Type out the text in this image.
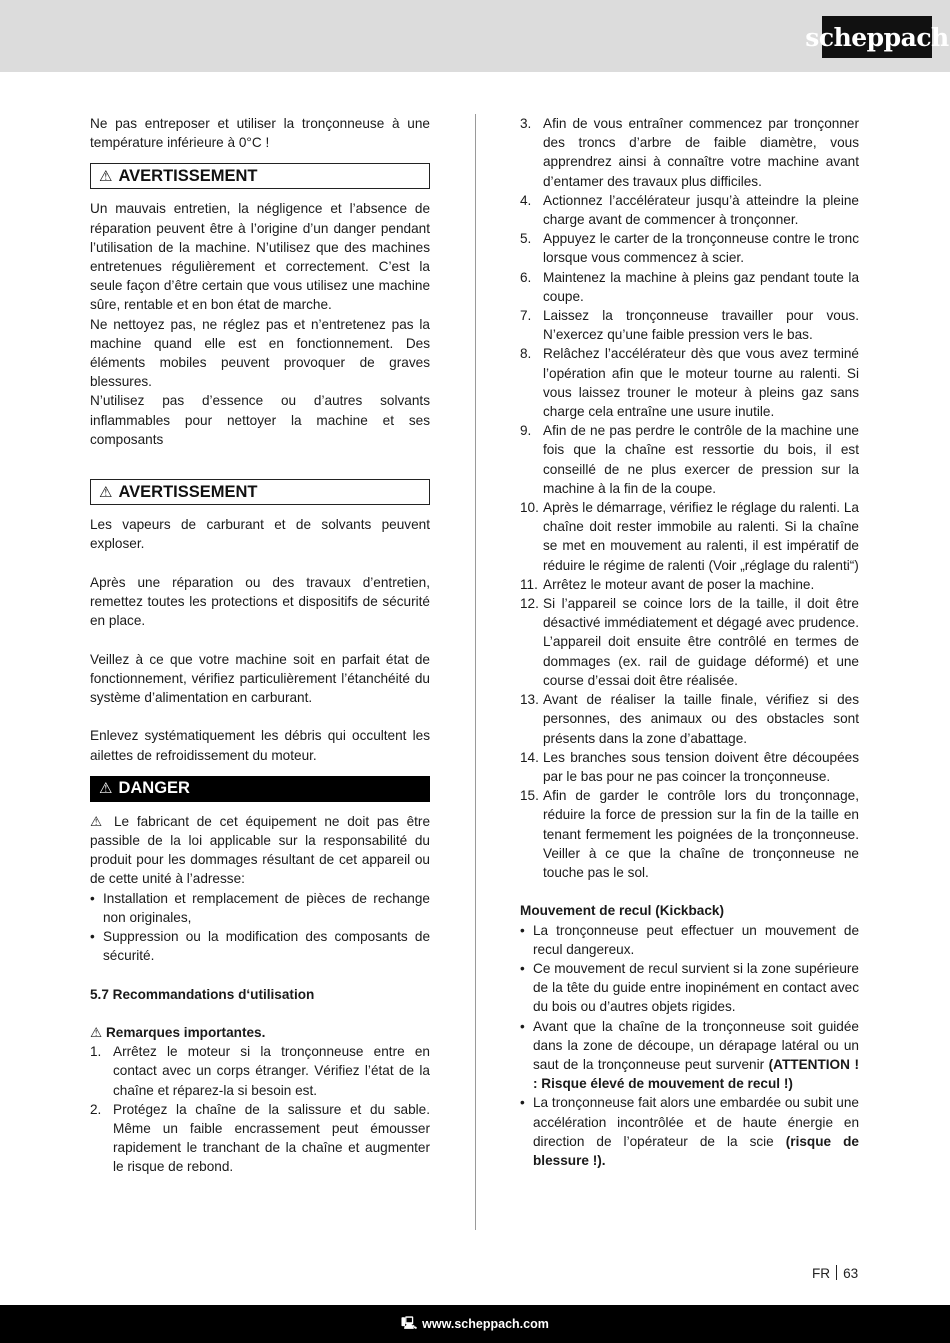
scheppach

Ne pas entreposer et utiliser la tronçonneuse à une température inférieure à 0°C !

⚠ AVERTISSEMENT

Un mauvais entretien, la négligence et l’absence de réparation peuvent être à l’origine d’un danger pendant l’utilisation de la machine. N’utilisez que des machines entretenues régulièrement et correctement. C’est la seule façon d’être certain que vous utilisez une machine sûre, rentable et en bon état de marche.

Ne nettoyez pas, ne réglez pas et n’entretenez pas la machine quand elle est en fonctionnement. Des éléments mobiles peuvent provoquer de graves blessures.

N’utilisez pas d’essence ou d’autres solvants inflammables pour nettoyer la machine et ses composants

⚠ AVERTISSEMENT

Les vapeurs de carburant et de solvants peuvent exploser.

Après une réparation ou des travaux d’entretien, remettez toutes les protections et dispositifs de sécurité en place.

Veillez à ce que votre machine soit en parfait état de fonctionnement, vérifiez particulièrement l’étanchéité du système d’alimentation en carburant.

Enlevez systématiquement les débris qui occultent les ailettes de refroidissement du moteur.

⚠ DANGER

⚠ Le fabricant de cet équipement ne doit pas être passible de la loi applicable sur la responsabilité du produit pour les dommages résultant de cet appareil ou de cette unité à l’adresse:

• Installation et remplacement de pièces de rechange non originales,
• Suppression ou la modification des composants de sécurité.

5.7 Recommandations d‘utilisation

⚠ Remarques importantes.

1. Arrêtez le moteur si la tronçonneuse entre en contact avec un corps étranger. Vérifiez l’état de la chaîne et réparez-la si besoin est.
2. Protégez la chaîne de la salissure et du sable. Même un faible encrassement peut émousser rapidement le tranchant de la chaîne et augmenter le risque de rebond.
3. Afin de vous entraîner commencez par tronçonner des troncs d’arbre de faible diamètre, vous apprendrez ainsi à connaître votre machine avant d’entamer des travaux plus difficiles.
4. Actionnez l’accélérateur jusqu’à atteindre la pleine charge avant de commencer à tronçonner.
5. Appuyez le carter de la tronçonneuse contre le tronc lorsque vous commencez à scier.
6. Maintenez la machine à pleins gaz pendant toute la coupe.
7. Laissez la tronçonneuse travailler pour vous. N’exercez qu’une faible pression vers le bas.
8. Relâchez l’accélérateur dès que vous avez terminé l’opération afin que le moteur tourne au ralenti. Si vous laissez trouner le moteur à pleins gaz sans charge cela entraîne une usure inutile.
9. Afin de ne pas perdre le contrôle de la machine une fois que la chaîne est ressortie du bois, il est conseillé de ne plus exercer de pression sur la machine à la fin de la coupe.
10. Après le démarrage, vérifiez le réglage du ralenti. La chaîne doit rester immobile au ralenti. Si la chaîne se met en mouvement au ralenti, il est impératif de réduire le régime de ralenti (Voir „réglage du ralenti“)
11. Arrêtez le moteur avant de poser la machine.
12. Si l’appareil se coince lors de la taille, il doit être désactivé immédiatement et dégagé avec prudence. L’appareil doit ensuite être contrôlé en termes de dommages (ex. rail de guidage déformé) et une course d’essai doit être réalisée.
13. Avant de réaliser la taille finale, vérifiez si des personnes, des animaux ou des obstacles sont présents dans la zone d’abattage.
14. Les branches sous tension doivent être découpées par le bas pour ne pas coincer la tronçonneuse.
15. Afin de garder le contrôle lors du tronçonnage, réduire la force de pression sur la fin de la taille en tenant fermement les poignées de la tronçonneuse. Veiller à ce que la chaîne de tronçonneuse ne touche pas le sol.

Mouvement de recul (Kickback)

• La tronçonneuse peut effectuer un mouvement de recul dangereux.
• Ce mouvement de recul survient si la zone supérieure de la tête du guide entre inopinément en contact avec du bois ou d’autres objets rigides.
• Avant que la chaîne de la tronçonneuse soit guidée dans la zone de découpe, un dérapage latéral ou un saut de la tronçonneuse peut survenir (ATTENTION ! : Risque élevé de mouvement de recul !)
• La tronçonneuse fait alors une embardée ou subit une accélération incontrôlée et de haute énergie en direction de l’opérateur de la scie (risque de blessure !).
FR 63
🖳 www.scheppach.com
